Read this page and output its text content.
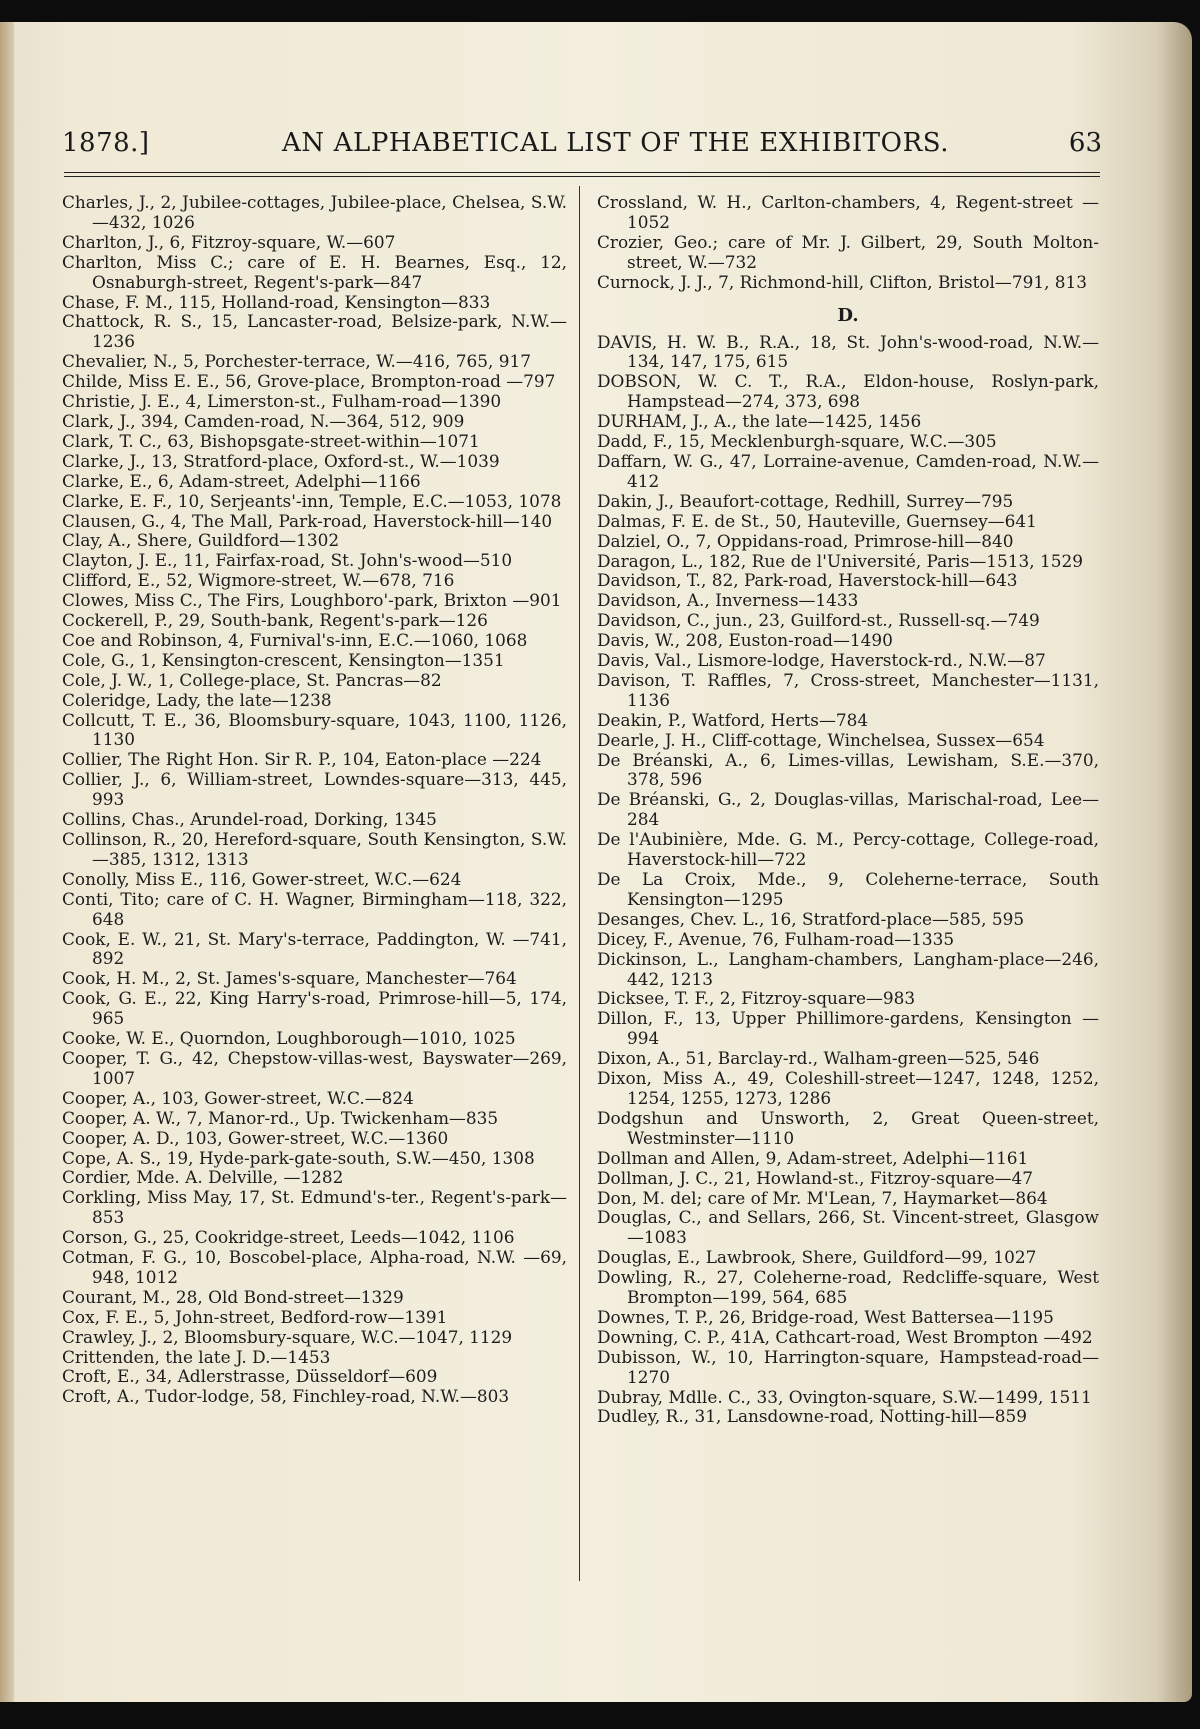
1878.]	AN ALPHABETICAL LIST OF THE EXHIBITORS.	63

Charles, J., 2, Jubilee-cottages, Jubilee-place, Chelsea, S.W.—432, 1026

Charlton, J., 6, Fitzroy-square, W.—607

Charlton, Miss C.; care of E. H. Bearnes, Esq., 12, Osnaburgh-street, Regent's-park—847

Chase, F. M., 115, Holland-road, Kensington—833

Chattock, R. S., 15, Lancaster-road, Belsize-park, N.W.—1236

Chevalier, N., 5, Porchester-terrace, W.—416, 765, 917

Childe, Miss E. E., 56, Grove-place, Brompton-road —797

Christie, J. E., 4, Limerston-st., Fulham-road—1390

Clark, J., 394, Camden-road, N.—364, 512, 909

Clark, T. C., 63, Bishopsgate-street-within—1071

Clarke, J., 13, Stratford-place, Oxford-st., W.—1039

Clarke, E., 6, Adam-street, Adelphi—1166

Clarke, E. F., 10, Serjeants'-inn, Temple, E.C.—1053, 1078

Clausen, G., 4, The Mall, Park-road, Haverstock-hill—140

Clay, A., Shere, Guildford—1302

Clayton, J. E., 11, Fairfax-road, St. John's-wood—510

Clifford, E., 52, Wigmore-street, W.—678, 716

Clowes, Miss C., The Firs, Loughboro'-park, Brixton —901

Cockerell, P., 29, South-bank, Regent's-park—126

Coe and Robinson, 4, Furnival's-inn, E.C.—1060, 1068

Cole, G., 1, Kensington-crescent, Kensington—1351

Cole, J. W., 1, College-place, St. Pancras—82

Coleridge, Lady, the late—1238

Collcutt, T. E., 36, Bloomsbury-square, 1043, 1100, 1126, 1130

Collier, The Right Hon. Sir R. P., 104, Eaton-place —224

Collier, J., 6, William-street, Lowndes-square—313, 445, 993

Collins, Chas., Arundel-road, Dorking, 1345

Collinson, R., 20, Hereford-square, South Kensington, S.W.—385, 1312, 1313

Conolly, Miss E., 116, Gower-street, W.C.—624

Conti, Tito; care of C. H. Wagner, Birmingham—118, 322, 648

Cook, E. W., 21, St. Mary's-terrace, Paddington, W. —741, 892

Cook, H. M., 2, St. James's-square, Manchester—764

Cook, G. E., 22, King Harry's-road, Primrose-hill—5, 174, 965

Cooke, W. E., Quorndon, Loughborough—1010, 1025

Cooper, T. G., 42, Chepstow-villas-west, Bayswater—269, 1007

Cooper, A., 103, Gower-street, W.C.—824

Cooper, A. W., 7, Manor-rd., Up. Twickenham—835

Cooper, A. D., 103, Gower-street, W.C.—1360

Cope, A. S., 19, Hyde-park-gate-south, S.W.—450, 1308

Cordier, Mde. A. Delville, —1282

Corkling, Miss May, 17, St. Edmund's-ter., Regent's-park—853

Corson, G., 25, Cookridge-street, Leeds—1042, 1106

Cotman, F. G., 10, Boscobel-place, Alpha-road, N.W. —69, 948, 1012

Courant, M., 28, Old Bond-street—1329

Cox, F. E., 5, John-street, Bedford-row—1391

Crawley, J., 2, Bloomsbury-square, W.C.—1047, 1129

Crittenden, the late J. D.—1453

Croft, E., 34, Adlerstrasse, Düsseldorf—609

Croft, A., Tudor-lodge, 58, Finchley-road, N.W.—803

Crossland, W. H., Carlton-chambers, 4, Regent-street —1052

Crozier, Geo.; care of Mr. J. Gilbert, 29, South Molton-street, W.—732

Curnock, J. J., 7, Richmond-hill, Clifton, Bristol—791, 813

D.

DAVIS, H. W. B., R.A., 18, St. John's-wood-road, N.W.—134, 147, 175, 615

DOBSON, W. C. T., R.A., Eldon-house, Roslyn-park, Hampstead—274, 373, 698

DURHAM, J., A., the late—1425, 1456

Dadd, F., 15, Mecklenburgh-square, W.C.—305

Daffarn, W. G., 47, Lorraine-avenue, Camden-road, N.W.—412

Dakin, J., Beaufort-cottage, Redhill, Surrey—795

Dalmas, F. E. de St., 50, Hauteville, Guernsey—641

Dalziel, O., 7, Oppidans-road, Primrose-hill—840

Daragon, L., 182, Rue de l'Université, Paris—1513, 1529

Davidson, T., 82, Park-road, Haverstock-hill—643

Davidson, A., Inverness—1433

Davidson, C., jun., 23, Guilford-st., Russell-sq.—749

Davis, W., 208, Euston-road—1490

Davis, Val., Lismore-lodge, Haverstock-rd., N.W.—87

Davison, T. Raffles, 7, Cross-street, Manchester—1131, 1136

Deakin, P., Watford, Herts—784

Dearle, J. H., Cliff-cottage, Winchelsea, Sussex—654

De Bréanski, A., 6, Limes-villas, Lewisham, S.E.—370, 378, 596

De Bréanski, G., 2, Douglas-villas, Marischal-road, Lee—284

De l'Aubinière, Mde. G. M., Percy-cottage, College-road, Haverstock-hill—722

De La Croix, Mde., 9, Coleherne-terrace, South Kensington—1295

Desanges, Chev. L., 16, Stratford-place—585, 595

Dicey, F., Avenue, 76, Fulham-road—1335

Dickinson, L., Langham-chambers, Langham-place—246, 442, 1213

Dicksee, T. F., 2, Fitzroy-square—983

Dillon, F., 13, Upper Phillimore-gardens, Kensington —994

Dixon, A., 51, Barclay-rd., Walham-green—525, 546

Dixon, Miss A., 49, Coleshill-street—1247, 1248, 1252, 1254, 1255, 1273, 1286

Dodgshun and Unsworth, 2, Great Queen-street, Westminster—1110

Dollman and Allen, 9, Adam-street, Adelphi—1161

Dollman, J. C., 21, Howland-st., Fitzroy-square—47

Don, M. del; care of Mr. M'Lean, 7, Haymarket—864

Douglas, C., and Sellars, 266, St. Vincent-street, Glasgow—1083

Douglas, E., Lawbrook, Shere, Guildford—99, 1027

Dowling, R., 27, Coleherne-road, Redcliffe-square, West Brompton—199, 564, 685

Downes, T. P., 26, Bridge-road, West Battersea—1195

Downing, C. P., 41A, Cathcart-road, West Brompton —492

Dubisson, W., 10, Harrington-square, Hampstead-road—1270

Dubray, Mdlle. C., 33, Ovington-square, S.W.—1499, 1511

Dudley, R., 31, Lansdowne-road, Notting-hill—859
